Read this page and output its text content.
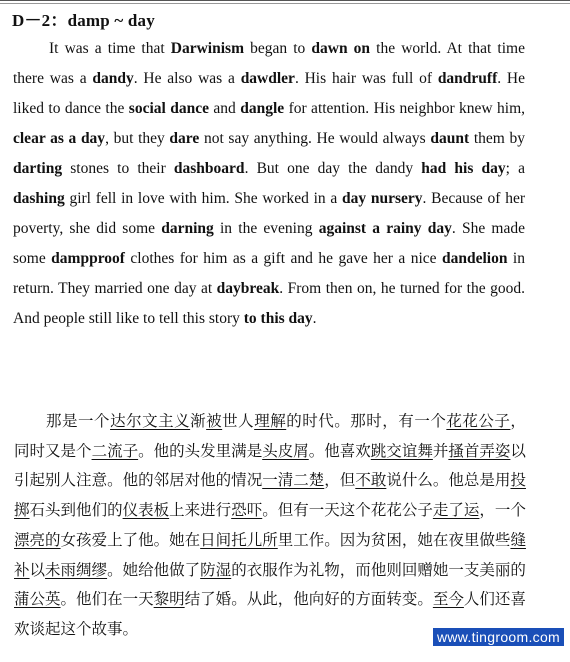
D－2：damp ~ day

It was a time that Darwinism began to dawn on the world. At that time there was a dandy. He also was a dawdler. His hair was full of dandruff. He liked to dance the social dance and dangle for attention. His neighbor knew him, clear as a day, but they dare not say anything. He would always daunt them by darting stones to their dashboard. But one day the dandy had his day; a dashing girl fell in love with him. She worked in a day nursery. Because of her poverty, she did some darning in the evening against a rainy day. She made some dampproof clothes for him as a gift and he gave her a nice dandelion in return. They married one day at daybreak. From then on, he turned for the good. And people still like to tell this story to this day.

那是一个达尔文主义渐被世人理解的时代。那时，有一个花花公子，同时又是个二流子。他的头发里满是头皮屑。他喜欢跳交谊舞并搔首弄姿以引起别人注意。他的邻居对他的情况一清二楚，但不敢说什么。他总是用投掷石头到他们的仪表板上来进行恐吓。但有一天这个花花公子走了运，一个漂亮的女孩爱上了他。她在日间托儿所里工作。因为贫困，她在夜里做些缝补以未雨绸缪。她给他做了防湿的衣服作为礼物，而他则回赠她一支美丽的蒲公英。他们在一天黎明结了婚。从此，他向好的方面转变。至今人们还喜欢谈起这个故事。	www.tingroom.com
